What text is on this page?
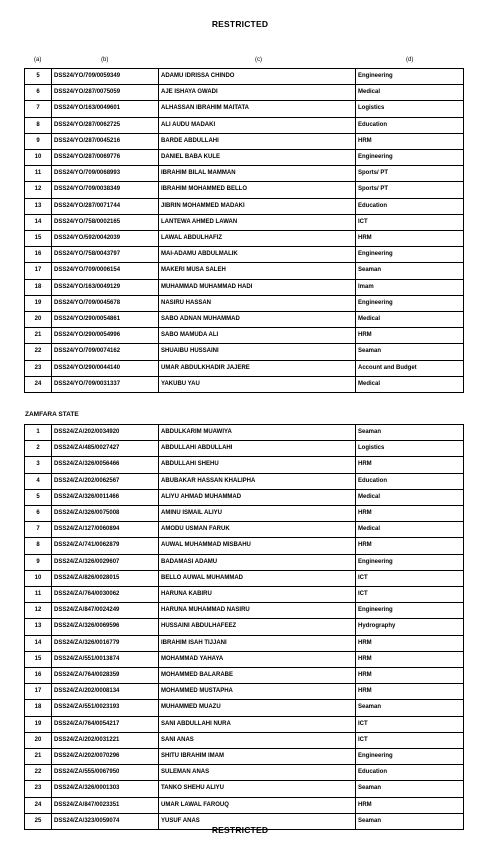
RESTRICTED
(a)	(b)	(c)	(d)
5	DSS24/YO/709/0059349	ADAMU IDRISSA CHINDO	Engineering
6	DSS24/YO/287/0075059	AJE ISHAYA GWADI	Medical
7	DSS24/YO/163/0049601	ALHASSAN IBRAHIM MAITATA	Logistics
8	DSS24/YO/287/0062725	ALI AUDU MADAKI	Education
9	DSS24/YO/287/0045216	BARDE ABDULLAHI	HRM
10	DSS24/YO/287/0069776	DANIEL BABA KULE	Engineering
11	DSS24/YO/709/0068993	IBRAHIM BILAL MAMMAN	Sports/ PT
12	DSS24/YO/709/0038349	IBRAHIM MOHAMMED BELLO	Sports/ PT
13	DSS24/YO/287/0071744	JIBRIN MOHAMMED MADAKI	Education
14	DSS24/YO/758/0002165	LANTEWA AHMED LAWAN	ICT
15	DSS24/YO/592/0042039	LAWAL ABDULHAFIZ	HRM
16	DSS24/YO/758/0043797	MAI-ADAMU ABDULMALIK	Engineering
17	DSS24/YO/709/0006154	MAKERI MUSA SALEH	Seaman
18	DSS24/YO/163/0049129	MUHAMMAD MUHAMMAD HADI	Imam
19	DSS24/YO/709/0045678	NASIRU HASSAN	Engineering
20	DSS24/YO/290/0054861	SABO ADNAN MUHAMMAD	Medical
21	DSS24/YO/290/0054996	SABO MAMUDA ALI	HRM
22	DSS24/YO/709/0074162	SHUAIBU HUSSAINI	Seaman
23	DSS24/YO/290/0044140	UMAR ABDULKHADIR JAJERE	Account and Budget
24	DSS24/YO/709/0031337	YAKUBU YAU	Medical
ZAMFARA STATE
1	DSS24/ZA/202/0034920	ABDULKARIM MUAWIYA	Seaman
2	DSS24/ZA/485/0027427	ABDULLAHI ABDULLAHI	Logistics
3	DSS24/ZA/326/0056466	ABDULLAHI SHEHU	HRM
4	DSS24/ZA/202/0062567	ABUBAKAR HASSAN KHALIPHA	Education
5	DSS24/ZA/326/0011466	ALIYU AHMAD MUHAMMAD	Medical
6	DSS24/ZA/326/0075008	AMINU ISMAIL ALIYU	HRM
7	DSS24/ZA/127/0060894	AMODU USMAN FARUK	Medical
8	DSS24/ZA/741/0062879	AUWAL MUHAMMAD MISBAHU	HRM
9	DSS24/ZA/326/0029607	BADAMASI ADAMU	Engineering
10	DSS24/ZA/826/0028015	BELLO AUWAL MUHAMMAD	ICT
11	DSS24/ZA/764/0030062	HARUNA KABIRU	ICT
12	DSS24/ZA/847/0024249	HARUNA MUHAMMAD NASIRU	Engineering
13	DSS24/ZA/326/0069596	HUSSAINI ABDULHAFEEZ	Hydrography
14	DSS24/ZA/326/0016779	IBRAHIM ISAH TIJJANI	HRM
15	DSS24/ZA/551/0013874	MOHAMMAD YAHAYA	HRM
16	DSS24/ZA/764/0028359	MOHAMMED BALARABE	HRM
17	DSS24/ZA/202/0008134	MOHAMMED MUSTAPHA	HRM
18	DSS24/ZA/551/0023193	MUHAMMED MUAZU	Seaman
19	DSS24/ZA/764/0054217	SANI ABDULLAHI NURA	ICT
20	DSS24/ZA/202/0031221	SANI ANAS	ICT
21	DSS24/ZA/202/0070296	SHITU IBRAHIM IMAM	Engineering
22	DSS24/ZA/555/0067950	SULEMAN ANAS	Education
23	DSS24/ZA/326/0001303	TANKO SHEHU ALIYU	Seaman
24	DSS24/ZA/847/0023351	UMAR LAWAL FAROUQ	HRM
25	DSS24/ZA/323/0059074	YUSUF ANAS	Seaman
RESTRICTED
